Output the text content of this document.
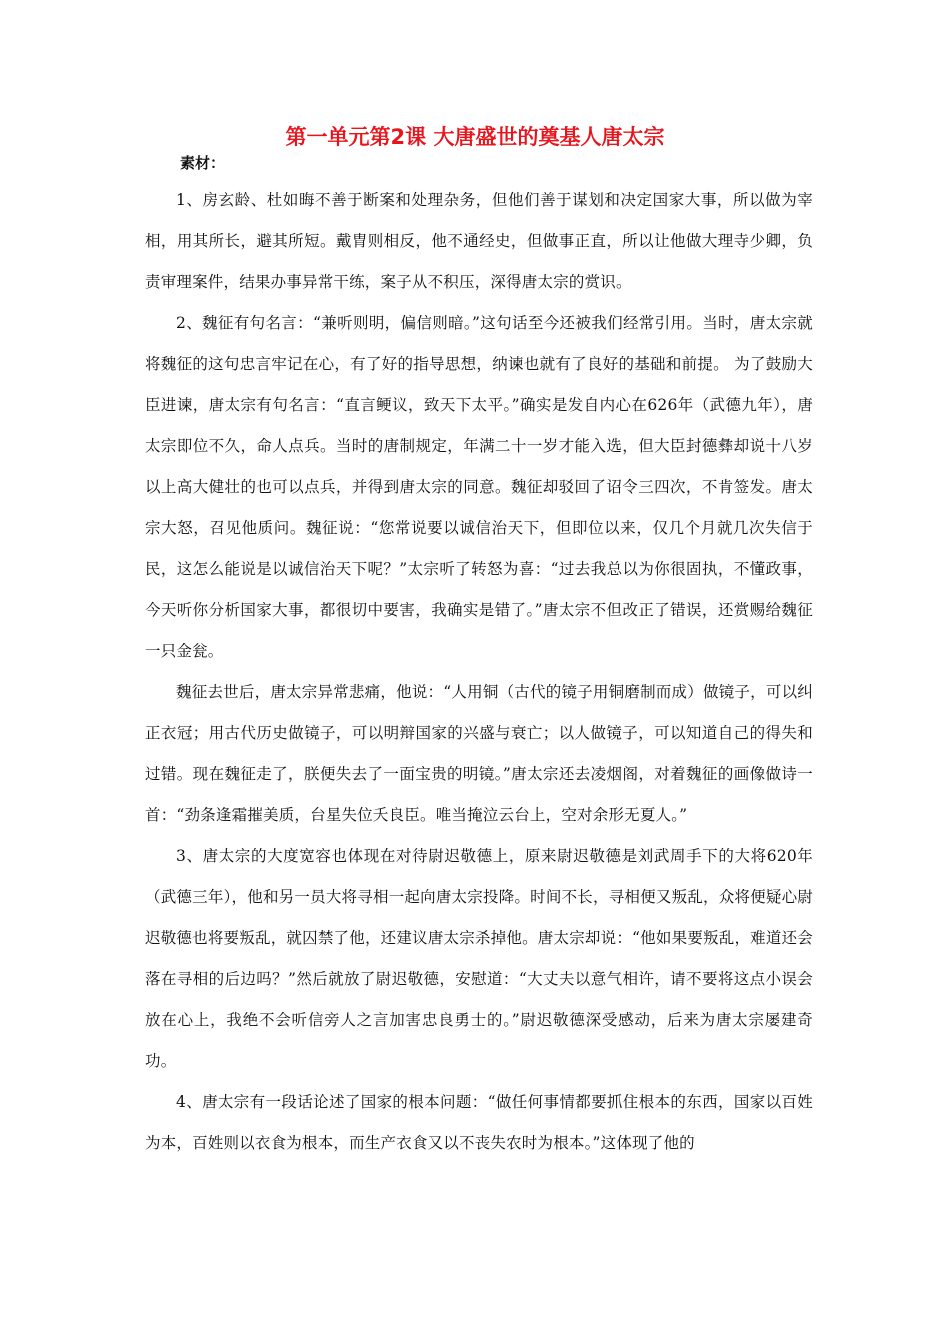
第一单元第2课 大唐盛世的奠基人唐太宗
素材：

1、房玄龄、杜如晦不善于断案和处理杂务，但他们善于谋划和决定国家大事，所以做为宰相，用其所长，避其所短。戴胄则相反，他不通经史，但做事正直，所以让他做大理寺少卿，负责审理案件，结果办事异常干练，案子从不积压，深得唐太宗的赏识。

2、魏征有句名言：“兼听则明，偏信则暗。”这句话至今还被我们经常引用。当时，唐太宗就将魏征的这句忠言牢记在心，有了好的指导思想，纳谏也就有了良好的基础和前提。 为了鼓励大臣进谏，唐太宗有句名言：“直言鲠议，致天下太平。”确实是发自内心在626年（武德九年），唐太宗即位不久，命人点兵。当时的唐制规定，年满二十一岁才能入选，但大臣封德彝却说十八岁以上高大健壮的也可以点兵，并得到唐太宗的同意。魏征却驳回了诏令三四次，不肯签发。唐太宗大怒，召见他质问。魏征说：“您常说要以诚信治天下，但即位以来，仅几个月就几次失信于民，这怎么能说是以诚信治天下呢？”太宗听了转怒为喜：“过去我总以为你很固执，不懂政事，今天听你分析国家大事，都很切中要害，我确实是错了。”唐太宗不但改正了错误，还赏赐给魏征一只金瓮。

魏征去世后，唐太宗异常悲痛，他说：“人用铜（古代的镜子用铜磨制而成）做镜子，可以纠正衣冠；用古代历史做镜子，可以明辩国家的兴盛与衰亡；以人做镜子，可以知道自己的得失和过错。现在魏征走了，朕便失去了一面宝贵的明镜。”唐太宗还去凌烟阁，对着魏征的画像做诗一首：“劲条逢霜摧美质，台星失位夭良臣。唯当掩泣云台上，空对余形无夏人。”

3、唐太宗的大度宽容也体现在对待尉迟敬德上，原来尉迟敬德是刘武周手下的大将620年（武德三年），他和另一员大将寻相一起向唐太宗投降。时间不长，寻相便又叛乱，众将便疑心尉迟敬德也将要叛乱，就囚禁了他，还建议唐太宗杀掉他。唐太宗却说：“他如果要叛乱，难道还会落在寻相的后边吗？”然后就放了尉迟敬德，安慰道：“大丈夫以意气相许，请不要将这点小误会放在心上，我绝不会听信旁人之言加害忠良勇士的。”尉迟敬德深受感动，后来为唐太宗屡建奇功。

4、唐太宗有一段话论述了国家的根本问题：“做任何事情都要抓住根本的东西，国家以百姓为本，百姓则以衣食为根本，而生产衣食又以不丧失农时为根本。”这体现了他的
